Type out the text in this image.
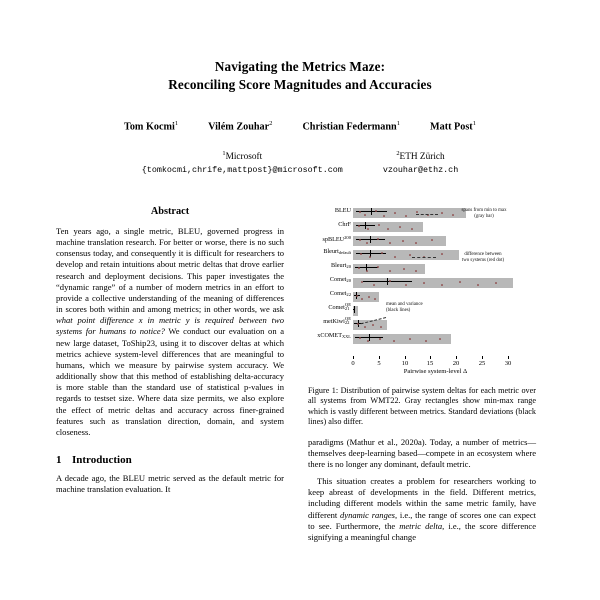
Navigating the Metrics Maze:
Reconciling Score Magnitudes and Accuracies
Tom Kocmi$^1$	Vilém Zouhar$^2$	Christian Federmann$^1$	Matt Post$^1$
$^1$Microsoft
{tomkocmi,chrife,mattpost}@microsoft.com
$^2$ETH Zürich
vzouhar@ethz.ch
Abstract

Ten years ago, a single metric, BLEU, governed progress in machine translation research. For better or worse, there is no such consensus today, and consequently it is difficult for researchers to develop and retain intuitions about metric deltas that drove earlier research and deployment decisions. This paper investigates the “dynamic range” of a number of modern metrics in an effort to provide a collective understanding of the meaning of differences in scores both within and among metrics; in other words, we ask what point difference x in metric y is required between two systems for humans to notice? We conduct our evaluation on a new large dataset, ToShip23, using it to discover deltas at which metrics achieve system-level differences that are meaningful to humans, which we measure by pairwise system accuracy. We additionally show that this method of establishing delta-accuracy is more stable than the standard use of statistical p-values in regards to testset size. Where data size permits, we also explore the effect of metric deltas and accuracy across finer-grained features such as translation direction, domain, and system closeness.

1 Introduction

A decade ago, the BLEU metric served as the default metric for machine translation evaluation. It

BLEU
ChrF
spBLEU$^{200}$
Bleurt$_{default}$
Bleurt$_{20}$
Comet$_{20}$
Comet$_{22}$
CometQE
21
metKiwiQE
22
xCOMET$_{XXL}$
spans from min to max
(gray bar)
difference between
two systems (red dot)
mean and variance
(black lines)
0	5	10	15	20	25	30
Pairwise system-level Δ

Figure 1: Distribution of pairwise system deltas for each metric over all systems from WMT22. Gray rectangles show min-max range which is vastly different between metrics. Standard deviations (black lines) also differ.

paradigms (Mathur et al., 2020a). Today, a number of metrics—themselves deep-learning based—compete in an ecosystem where there is no longer any dominant, default metric.

This situation creates a problem for researchers working to keep abreast of developments in the field. Different metrics, including different models within the same metric family, have different dynamic ranges, i.e., the range of scores one can expect to see. Furthermore, the metric delta, i.e., the score difference signifying a meaningful change
